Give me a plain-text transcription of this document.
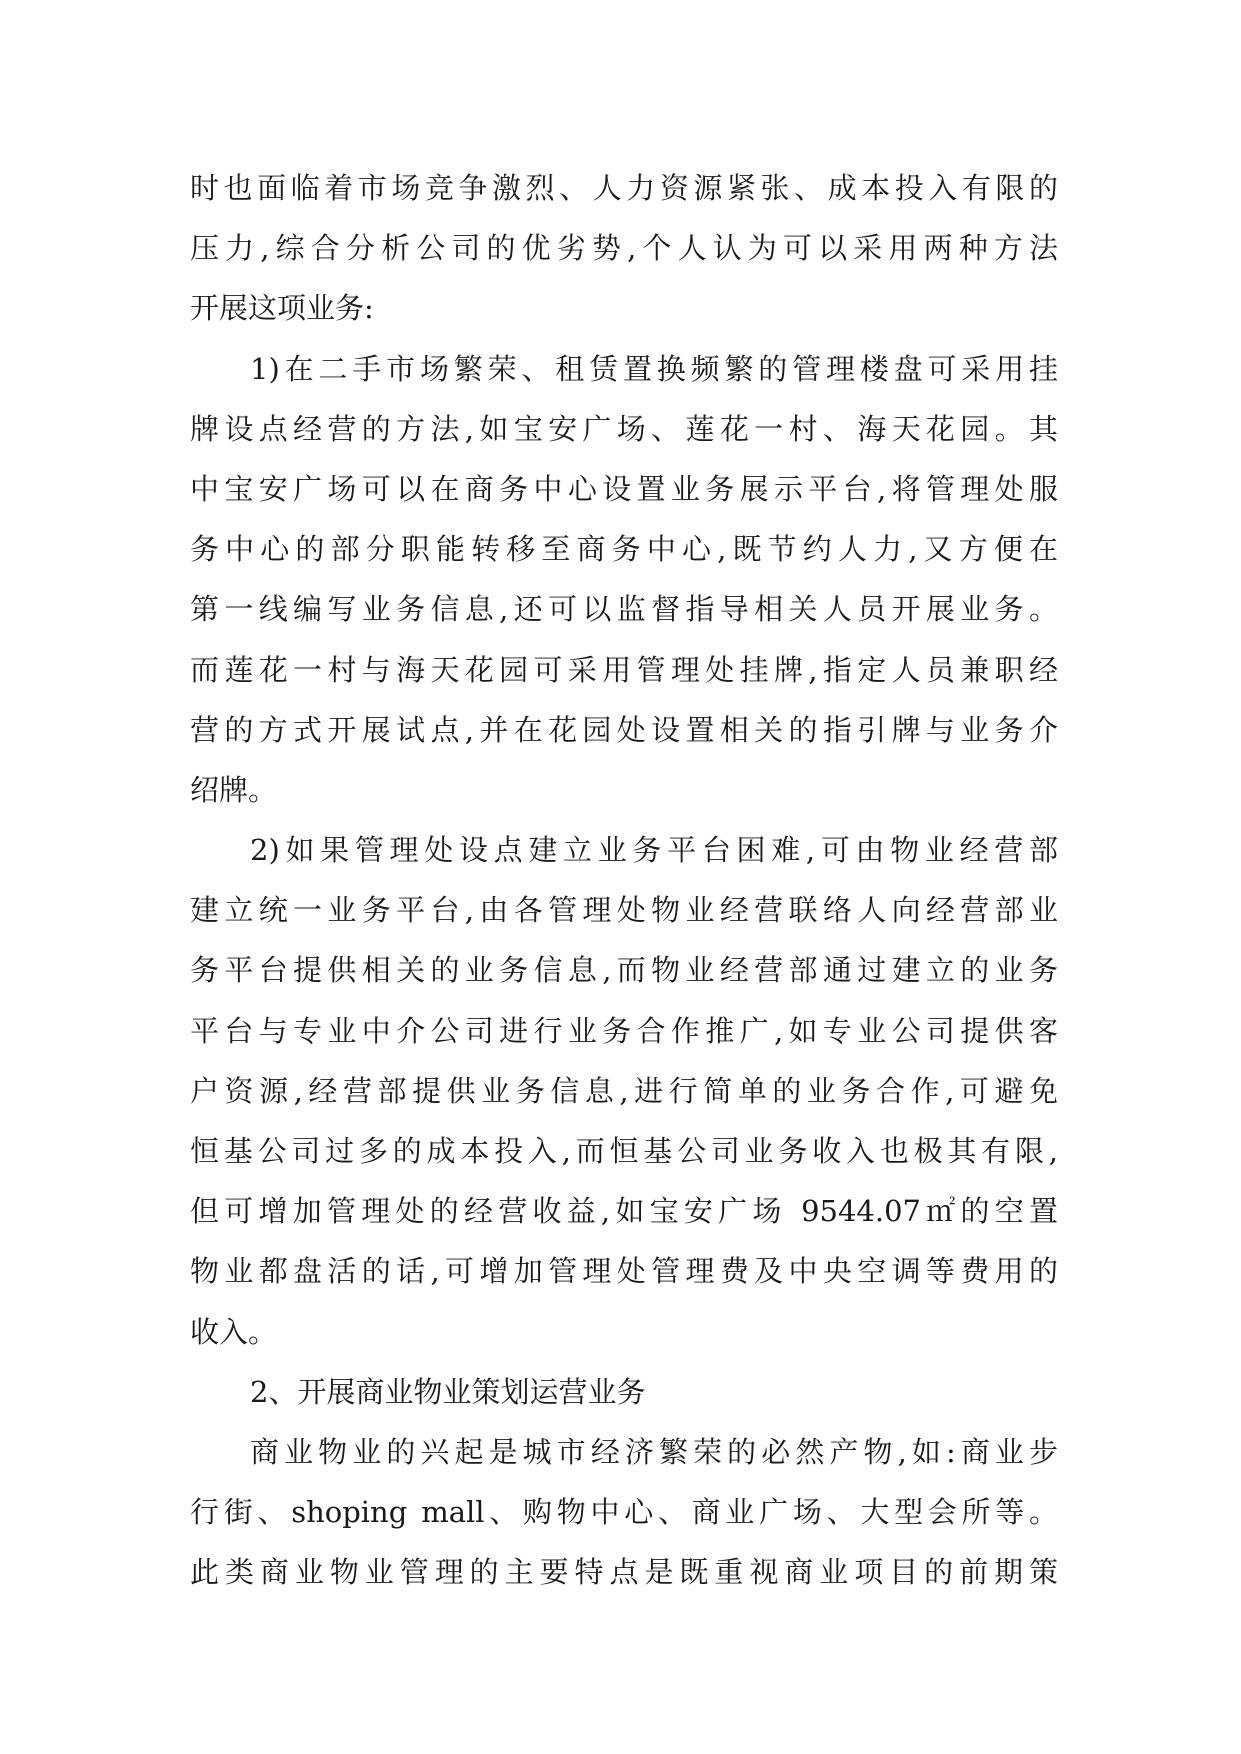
时也面临着市场竞争激烈、人力资源紧张、成本投入有限的
压力,综合分析公司的优劣势,个人认为可以采用两种方法
开展这项业务:
1)在二手市场繁荣、租赁置换频繁的管理楼盘可采用挂
牌设点经营的方法,如宝安广场、莲花一村、海天花园。其
中宝安广场可以在商务中心设置业务展示平台,将管理处服
务中心的部分职能转移至商务中心,既节约人力,又方便在
第一线编写业务信息,还可以监督指导相关人员开展业务。
而莲花一村与海天花园可采用管理处挂牌,指定人员兼职经
营的方式开展试点,并在花园处设置相关的指引牌与业务介
绍牌。
2)如果管理处设点建立业务平台困难,可由物业经营部
建立统一业务平台,由各管理处物业经营联络人向经营部业
务平台提供相关的业务信息,而物业经营部通过建立的业务
平台与专业中介公司进行业务合作推广,如专业公司提供客
户资源,经营部提供业务信息,进行简单的业务合作,可避免
恒基公司过多的成本投入,而恒基公司业务收入也极其有限,
但可增加管理处的经营收益,如宝安广场 9544.07㎡的空置
物业都盘活的话,可增加管理处管理费及中央空调等费用的
收入。
2、开展商业物业策划运营业务
商业物业的兴起是城市经济繁荣的必然产物,如:商业步
行街、shoping mall、购物中心、商业广场、大型会所等。
此类商业物业管理的主要特点是既重视商业项目的前期策
